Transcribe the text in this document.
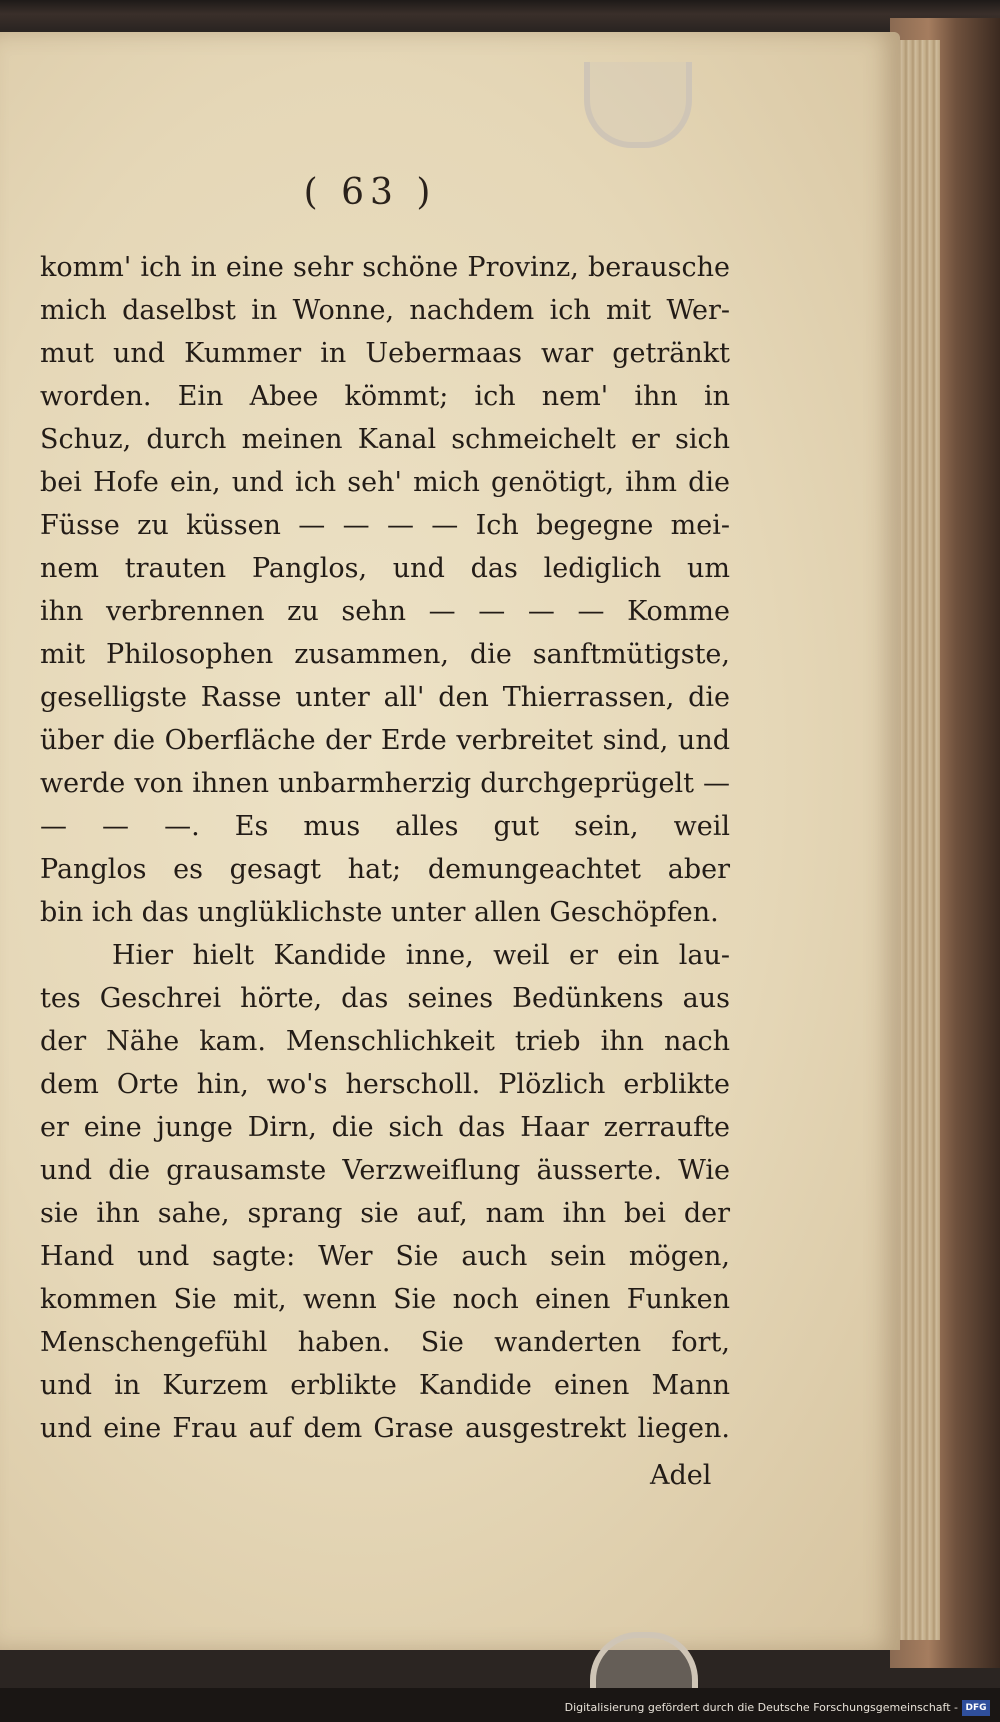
( 63 )
komm' ich in eine sehr schöne Provinz, berausche
mich daselbst in Wonne, nachdem ich mit Wer-
mut und Kummer in Uebermaas war getränkt
worden. Ein Abee kömmt; ich nem' ihn in
Schuz, durch meinen Kanal schmeichelt er sich
bei Hofe ein, und ich seh' mich genötigt, ihm die
Füsse zu küssen — — — — Ich begegne mei-
nem trauten Panglos, und das lediglich um
ihn verbrennen zu sehn — — — — Komme
mit Philosophen zusammen, die sanftmütigste,
geselligste Rasse unter all' den Thierrassen, die
über die Oberfläche der Erde verbreitet sind, und
werde von ihnen unbarmherzig durchgeprügelt —
— — —. Es mus alles gut sein, weil
Panglos es gesagt hat; demungeachtet aber
bin ich das unglüklichste unter allen Geschöpfen.
Hier hielt Kandide inne, weil er ein lau-
tes Geschrei hörte, das seines Bedünkens aus
der Nähe kam. Menschlichkeit trieb ihn nach
dem Orte hin, wo's herscholl. Plözlich erblikte
er eine junge Dirn, die sich das Haar zerraufte
und die grausamste Verzweiflung äusserte. Wie
sie ihn sahe, sprang sie auf, nam ihn bei der
Hand und sagte: Wer Sie auch sein mögen,
kommen Sie mit, wenn Sie noch einen Funken
Menschengefühl haben. Sie wanderten fort,
und in Kurzem erblikte Kandide einen Mann
und eine Frau auf dem Grase ausgestrekt liegen.
Adel
Digitalisierung gefördert durch die Deutsche Forschungsgemeinschaft - DFG
